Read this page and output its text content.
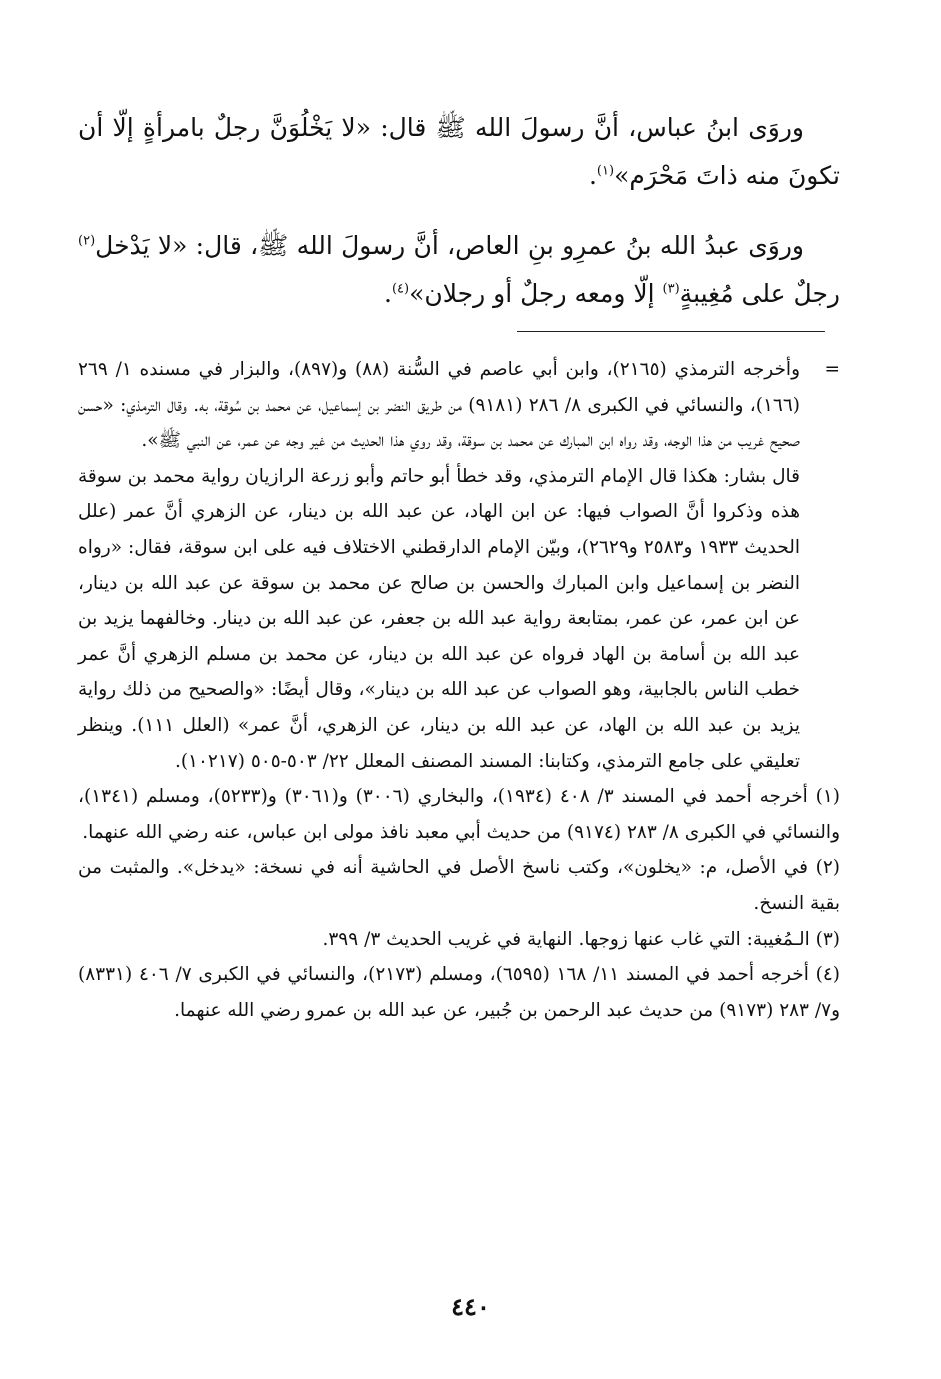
وروَى ابنُ عباس، أنَّ رسولَ الله ﷺ قال: «لا يَخْلُوَنَّ رجلٌ بامرأةٍ إلّا أن تكونَ منه ذاتَ مَحْرَم»$^{(١)}$.
وروَى عبدُ الله بنُ عمرِو بنِ العاص، أنَّ رسولَ الله ﷺ، قال: «لا يَدْخل$^{(٢)}$ رجلٌ على مُغِيبةٍ$^{(٣)}$ إلّا ومعه رجلٌ أو رجلان»$^{(٤)}$.
=
وأخرجه الترمذي (٢١٦٥)، وابن أبي عاصم في السُّنة (٨٨) و(٨٩٧)، والبزار في مسنده ١/ ٢٦٩ (١٦٦)، والنسائي في الكبرى ٨/ ٢٨٦ (٩١٨١) من طريق النضر بن إسماعيل، عن محمد بن سُوقة، به. وقال الترمذي: «حسن صحيح غريب من هذا الوجه، وقد رواه ابن المبارك عن محمد بن سوقة، وقد روي هذا الحديث من غير وجه عن عمر، عن النبي ﷺ».
قال بشار: هكذا قال الإمام الترمذي، وقد خطأ أبو حاتم وأبو زرعة الرازيان رواية محمد بن سوقة هذه وذكروا أنَّ الصواب فيها: عن ابن الهاد، عن عبد الله بن دينار، عن الزهري أنَّ عمر (علل الحديث ١٩٣٣ و٢٥٨٣ و٢٦٢٩)، وبيّن الإمام الدارقطني الاختلاف فيه على ابن سوقة، فقال: «رواه النضر بن إسماعيل وابن المبارك والحسن بن صالح عن محمد بن سوقة عن عبد الله بن دينار، عن ابن عمر، عن عمر، بمتابعة رواية عبد الله بن جعفر، عن عبد الله بن دينار. وخالفهما يزيد بن عبد الله بن أسامة بن الهاد فرواه عن عبد الله بن دينار، عن محمد بن مسلم الزهري أنَّ عمر خطب الناس بالجابية، وهو الصواب عن عبد الله بن دينار»، وقال أيضًا: «والصحيح من ذلك رواية يزيد بن عبد الله بن الهاد، عن عبد الله بن دينار، عن الزهري، أنَّ عمر» (العلل ١١١). وينظر تعليقي على جامع الترمذي، وكتابنا: المسند المصنف المعلل ٢٢/ ٥٠٣-٥٠٥ (١٠٢١٧).
(١) أخرجه أحمد في المسند ٣/ ٤٠٨ (١٩٣٤)، والبخاري (٣٠٠٦) و(٣٠٦١) و(٥٢٣٣)، ومسلم (١٣٤١)، والنسائي في الكبرى ٨/ ٢٨٣ (٩١٧٤) من حديث أبي معبد نافذ مولى ابن عباس، عنه رضي الله عنهما.
(٢) في الأصل، م: «يخلون»، وكتب ناسخ الأصل في الحاشية أنه في نسخة: «يدخل». والمثبت من بقية النسخ.
(٣) الـمُغيبة: التي غاب عنها زوجها. النهاية في غريب الحديث ٣/ ٣٩٩.
(٤) أخرجه أحمد في المسند ١١/ ١٦٨ (٦٥٩٥)، ومسلم (٢١٧٣)، والنسائي في الكبرى ٧/ ٤٠٦ (٨٣٣١) و٧/ ٢٨٣ (٩١٧٣) من حديث عبد الرحمن بن جُبير، عن عبد الله بن عمرو رضي الله عنهما.
٤٤٠
